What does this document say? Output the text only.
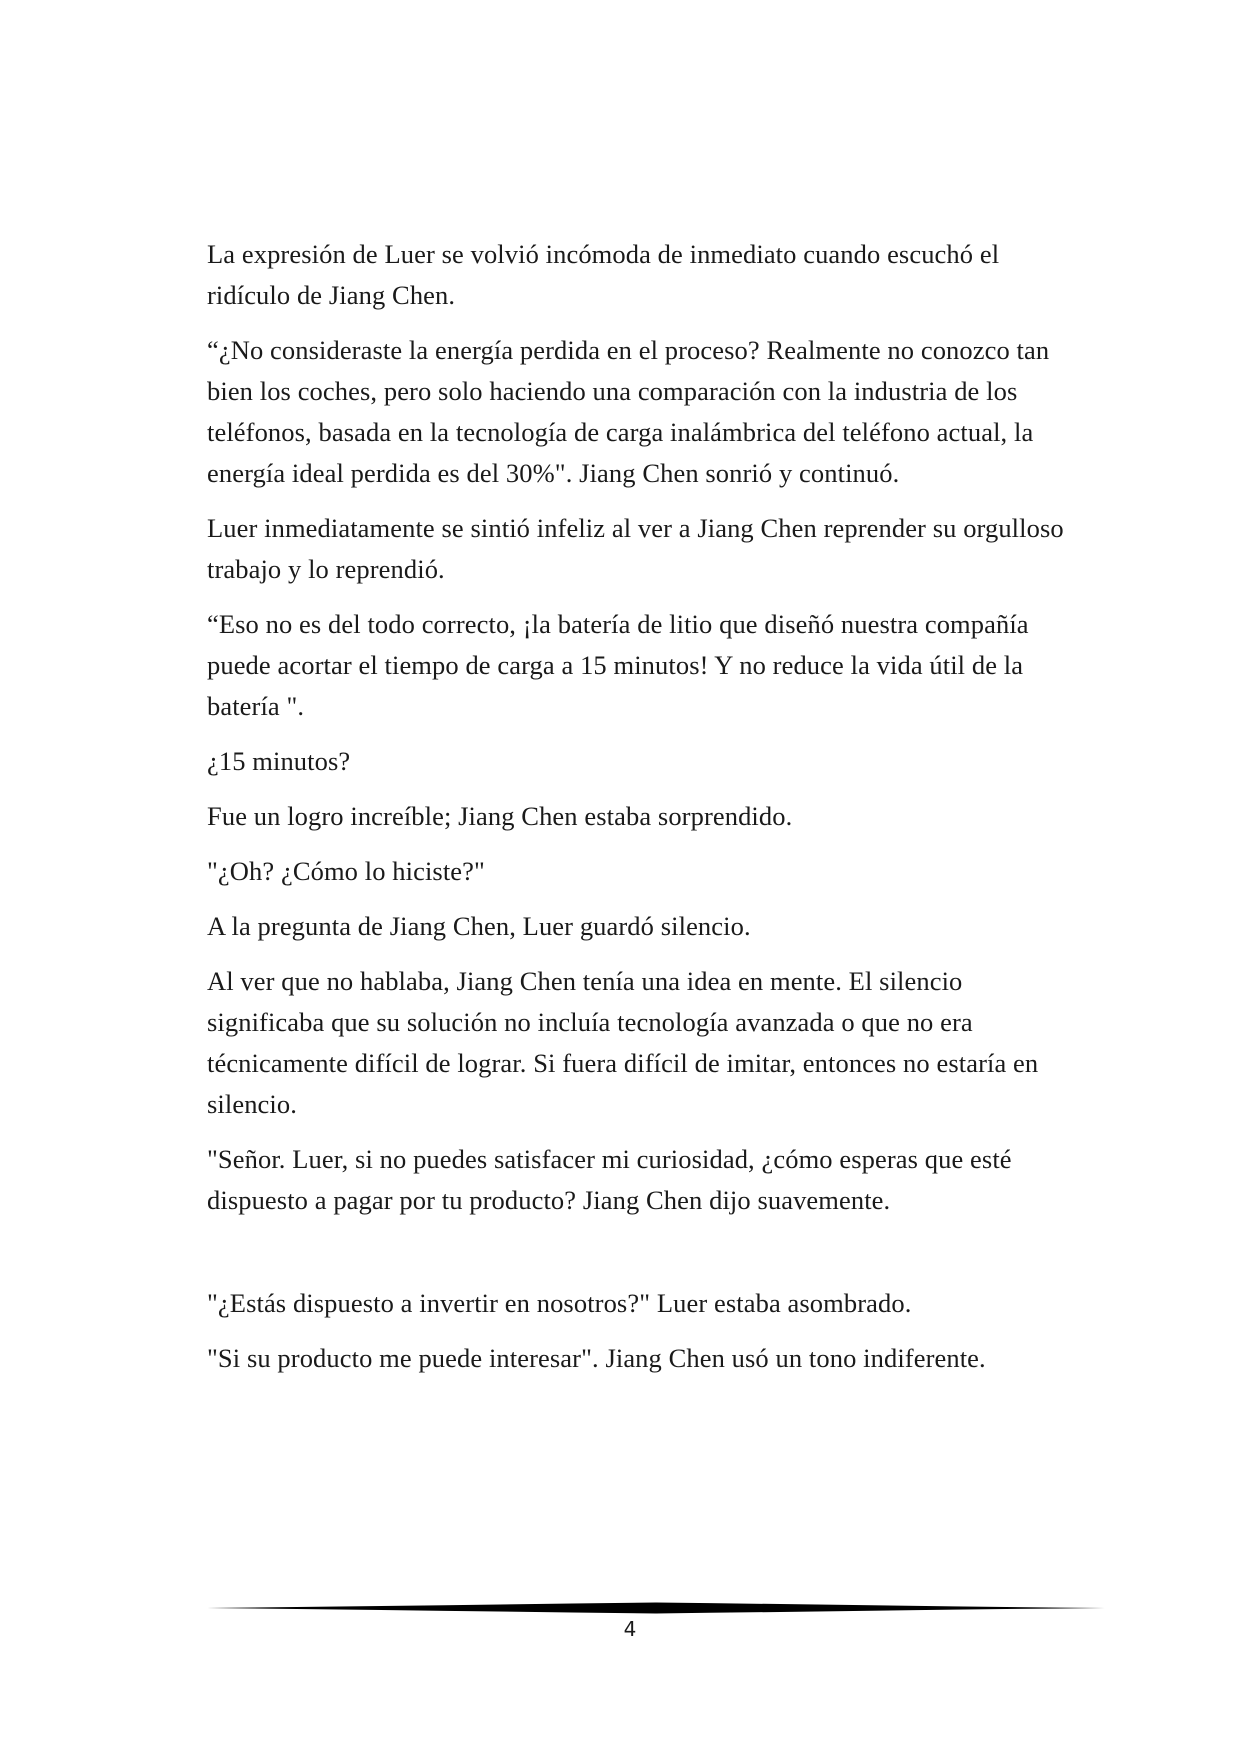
La expresión de Luer se volvió incómoda de inmediato cuando escuchó el ridículo de Jiang Chen.

“¿No consideraste la energía perdida en el proceso? Realmente no conozco tan bien los coches, pero solo haciendo una comparación con la industria de los teléfonos, basada en la tecnología de carga inalámbrica del teléfono actual, la energía ideal perdida es del 30%". Jiang Chen sonrió y continuó.

Luer inmediatamente se sintió infeliz al ver a Jiang Chen reprender su orgulloso trabajo y lo reprendió.

“Eso no es del todo correcto, ¡la batería de litio que diseñó nuestra compañía puede acortar el tiempo de carga a 15 minutos! Y no reduce la vida útil de la batería ".

¿15 minutos?

Fue un logro increíble; Jiang Chen estaba sorprendido.

"¿Oh? ¿Cómo lo hiciste?"

A la pregunta de Jiang Chen, Luer guardó silencio.

Al ver que no hablaba, Jiang Chen tenía una idea en mente. El silencio significaba que su solución no incluía tecnología avanzada o que no era técnicamente difícil de lograr. Si fuera difícil de imitar, entonces no estaría en silencio.

"Señor. Luer, si no puedes satisfacer mi curiosidad, ¿cómo esperas que esté dispuesto a pagar por tu producto? Jiang Chen dijo suavemente.

"¿Estás dispuesto a invertir en nosotros?" Luer estaba asombrado.

"Si su producto me puede interesar". Jiang Chen usó un tono indiferente.

4
